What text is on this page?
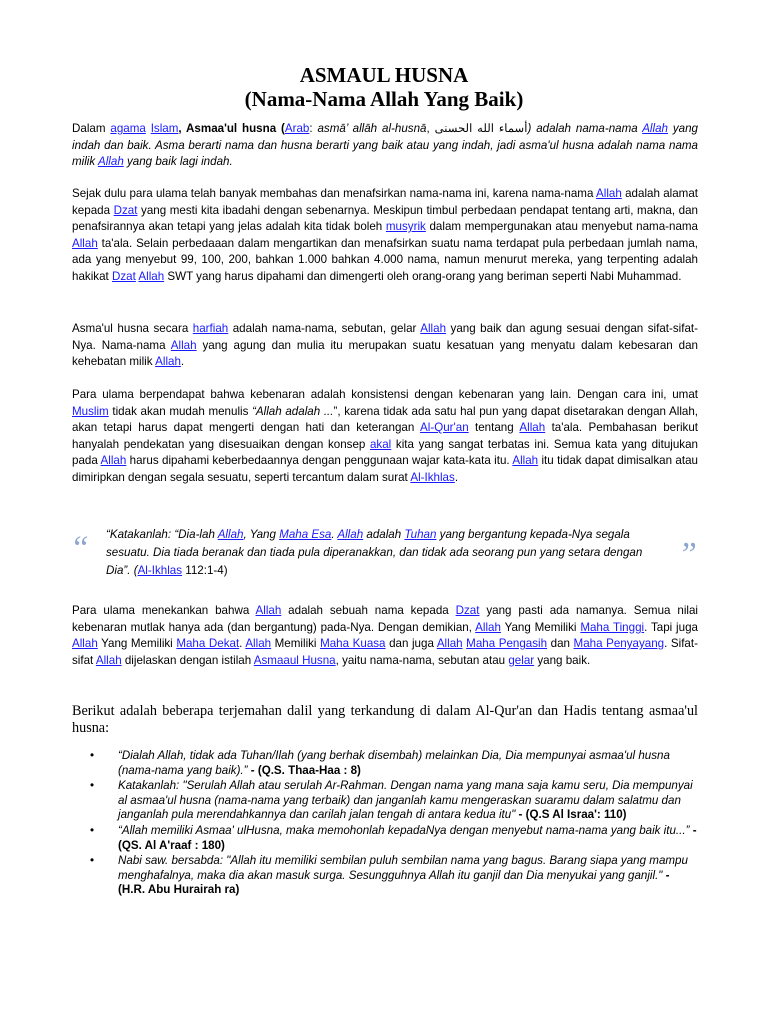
ASMAUL HUSNA
(Nama-Nama Allah Yang Baik)

Dalam agama Islam, Asmaa'ul husna (Arab: asmā’ allāh al-husnā, أسماء الله الحسنى) adalah nama-nama Allah yang indah dan baik. Asma berarti nama dan husna berarti yang baik atau yang indah, jadi asma'ul husna adalah nama nama milik Allah yang baik lagi indah.

Sejak dulu para ulama telah banyak membahas dan menafsirkan nama-nama ini, karena nama-nama Allah adalah alamat kepada Dzat yang mesti kita ibadahi dengan sebenarnya. Meskipun timbul perbedaan pendapat tentang arti, makna, dan penafsirannya akan tetapi yang jelas adalah kita tidak boleh musyrik dalam mempergunakan atau menyebut nama-nama Allah ta'ala. Selain perbedaaan dalam mengartikan dan menafsirkan suatu nama terdapat pula perbedaan jumlah nama, ada yang menyebut 99, 100, 200, bahkan 1.000 bahkan 4.000 nama, namun menurut mereka, yang terpenting adalah hakikat Dzat Allah SWT yang harus dipahami dan dimengerti oleh orang-orang yang beriman seperti Nabi Muhammad.

Asma'ul husna secara harfiah adalah nama-nama, sebutan, gelar Allah yang baik dan agung sesuai dengan sifat-sifat-Nya. Nama-nama Allah yang agung dan mulia itu merupakan suatu kesatuan yang menyatu dalam kebesaran dan kehebatan milik Allah.

Para ulama berpendapat bahwa kebenaran adalah konsistensi dengan kebenaran yang lain. Dengan cara ini, umat Muslim tidak akan mudah menulis “Allah adalah ...”, karena tidak ada satu hal pun yang dapat disetarakan dengan Allah, akan tetapi harus dapat mengerti dengan hati dan keterangan Al-Qur'an tentang Allah ta'ala. Pembahasan berikut hanyalah pendekatan yang disesuaikan dengan konsep akal kita yang sangat terbatas ini. Semua kata yang ditujukan pada Allah harus dipahami keberbedaannya dengan penggunaan wajar kata-kata itu. Allah itu tidak dapat dimisalkan atau dimiripkan dengan segala sesuatu, seperti tercantum dalam surat Al-Ikhlas.

“	”

“Katakanlah: “Dia-lah Allah, Yang Maha Esa. Allah adalah Tuhan yang bergantung kepada-Nya segala sesuatu. Dia tiada beranak dan tiada pula diperanakkan, dan tidak ada seorang pun yang setara dengan Dia”. (Al-Ikhlas 112:1-4)

Para ulama menekankan bahwa Allah adalah sebuah nama kepada Dzat yang pasti ada namanya. Semua nilai kebenaran mutlak hanya ada (dan bergantung) pada-Nya. Dengan demikian, Allah Yang Memiliki Maha Tinggi. Tapi juga Allah Yang Memiliki Maha Dekat. Allah Memiliki Maha Kuasa dan juga Allah Maha Pengasih dan Maha Penyayang. Sifat-sifat Allah dijelaskan dengan istilah Asmaaul Husna, yaitu nama-nama, sebutan atau gelar yang baik.

Berikut adalah beberapa terjemahan dalil yang terkandung di dalam Al-Qur'an dan Hadis tentang asmaa'ul husna:

• “Dialah Allah, tidak ada Tuhan/Ilah (yang berhak disembah) melainkan Dia, Dia mempunyai asmaa'ul husna (nama-nama yang baik).” - (Q.S. Thaa-Haa : 8)
• Katakanlah: "Serulah Allah atau serulah Ar-Rahman. Dengan nama yang mana saja kamu seru, Dia mempunyai al asmaa'ul husna (nama-nama yang terbaik) dan janganlah kamu mengeraskan suaramu dalam salatmu dan janganlah pula merendahkannya dan carilah jalan tengah di antara kedua itu" - (Q.S Al Israa': 110)
• “Allah memiliki Asmaa' ulHusna, maka memohonlah kepadaNya dengan menyebut nama-nama yang baik itu...” - (QS. Al A'raaf : 180)
• Nabi saw. bersabda: "Allah itu memiliki sembilan puluh sembilan nama yang bagus. Barang siapa yang mampu menghafalnya, maka dia akan masuk surga. Sesungguhnya Allah itu ganjil dan Dia menyukai yang ganjil." - (H.R. Abu Hurairah ra)
